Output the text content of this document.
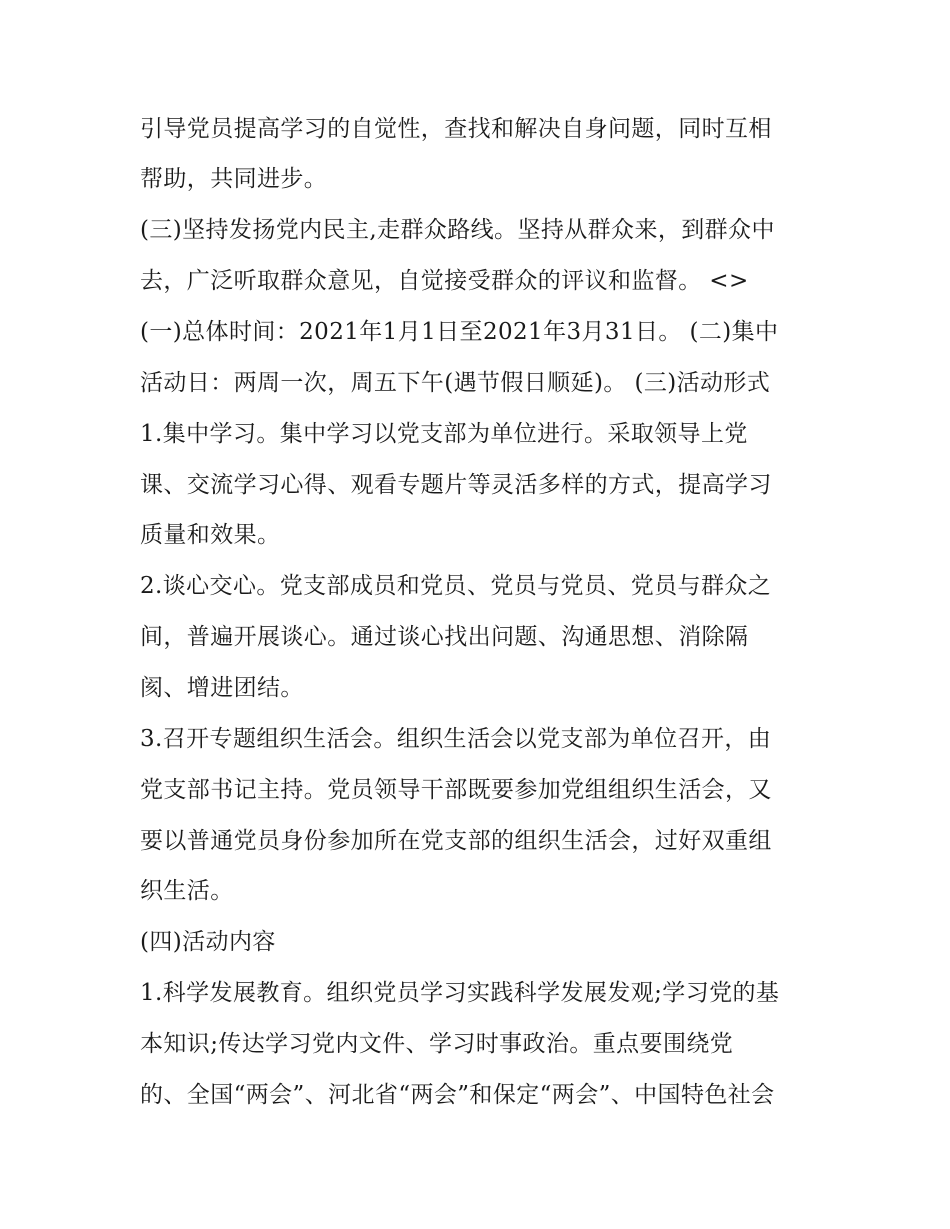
引导党员提高学习的自觉性，查找和解决自身问题，同时互相
帮助，共同进步。
(三)坚持发扬党内民主,走群众路线。坚持从群众来，到群众中
去，广泛听取群众意见，自觉接受群众的评议和监督。 <>
(一)总体时间：2021年1月1日至2021年3月31日。 (二)集中
活动日：两周一次，周五下午(遇节假日顺延)。 (三)活动形式
1.集中学习。集中学习以党支部为单位进行。采取领导上党
课、交流学习心得、观看专题片等灵活多样的方式，提高学习
质量和效果。
2.谈心交心。党支部成员和党员、党员与党员、党员与群众之
间，普遍开展谈心。通过谈心找出问题、沟通思想、消除隔
阂、增进团结。
3.召开专题组织生活会。组织生活会以党支部为单位召开，由
党支部书记主持。党员领导干部既要参加党组组织生活会，又
要以普通党员身份参加所在党支部的组织生活会，过好双重组
织生活。
(四)活动内容
1.科学发展教育。组织党员学习实践科学发展发观;学习党的基
本知识;传达学习党内文件、学习时事政治。重点要围绕党
的、全国“两会”、河北省“两会”和保定“两会”、中国特色社会
